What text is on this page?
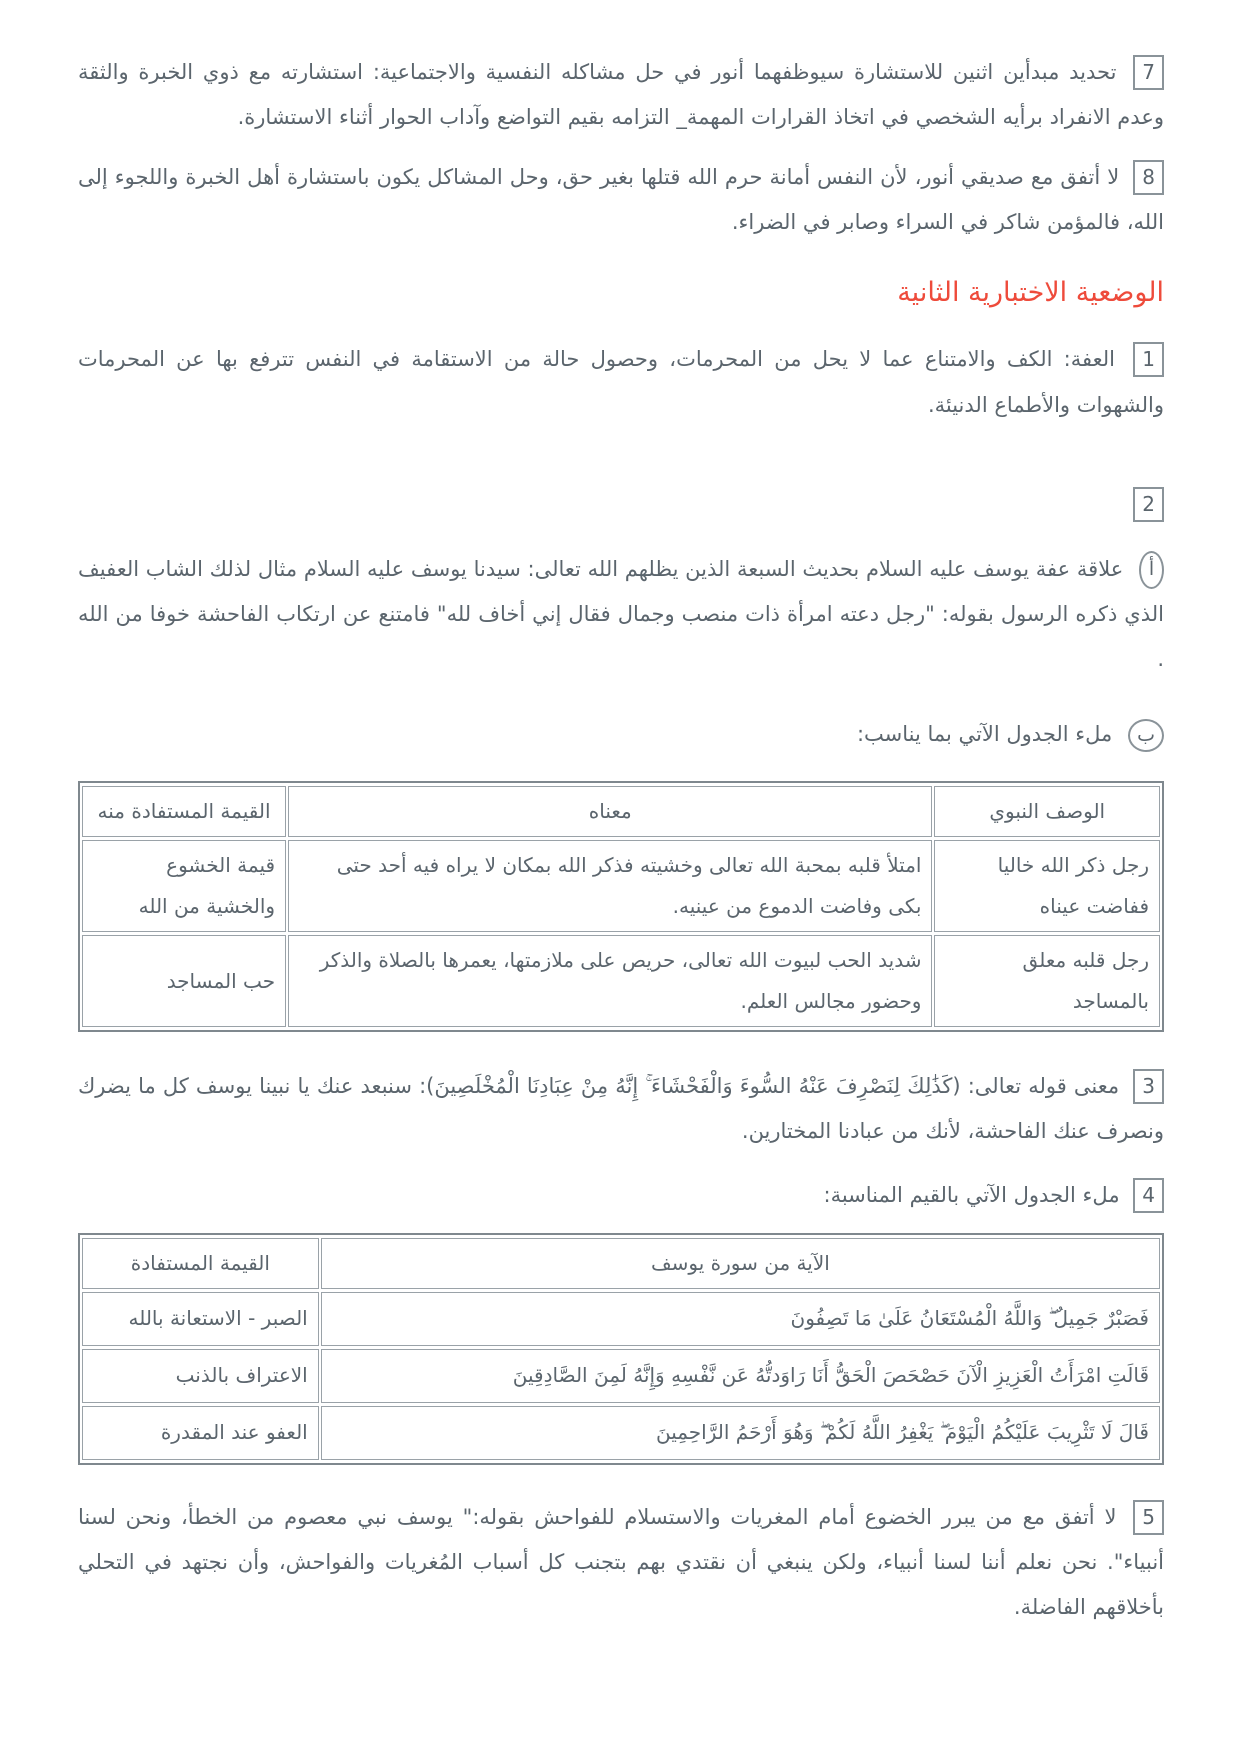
7 تحديد مبدأين اثنين للاستشارة سيوظفهما أنور في حل مشاكله النفسية والاجتماعية: استشارته مع ذوي الخبرة والثقة وعدم الانفراد برأيه الشخصي في اتخاذ القرارات المهمة_ التزامه بقيم التواضع وآداب الحوار أثناء الاستشارة.

8 لا أتفق مع صديقي أنور، لأن النفس أمانة حرم الله قتلها بغير حق، وحل المشاكل يكون باستشارة أهل الخبرة واللجوء إلى الله، فالمؤمن شاكر في السراء وصابر في الضراء.

الوضعية الاختبارية الثانية

1 العفة: الكف والامتناع عما لا يحل من المحرمات، وحصول حالة من الاستقامة في النفس تترفع بها عن المحرمات والشهوات والأطماع الدنيئة.

2

أ علاقة عفة يوسف عليه السلام بحديث السبعة الذين يظلهم الله تعالى: سيدنا يوسف عليه السلام مثال لذلك الشاب العفيف الذي ذكره الرسول بقوله: "رجل دعته امرأة ذات منصب وجمال فقال إني أخاف لله" فامتنع عن ارتكاب الفاحشة خوفا من الله .

ب ملء الجدول الآتي بما يناسب:

الوصف النبوي	معناه	القيمة المستفادة منه
رجل ذكر الله خاليا ففاضت عيناه	امتلأ قلبه بمحبة الله تعالى وخشيته فذكر الله بمكان لا يراه فيه أحد حتى بكى وفاضت الدموع من عينيه.	قيمة الخشوع والخشية من الله
رجل قلبه معلق بالمساجد	شديد الحب لبيوت الله تعالى، حريص على ملازمتها، يعمرها بالصلاة والذكر وحضور مجالس العلم.	حب المساجد

3 معنى قوله تعالى: (كَذَٰلِكَ لِنَصْرِفَ عَنْهُ السُّوءَ وَالْفَحْشَاءَ ۚ إِنَّهُ مِنْ عِبَادِنَا الْمُخْلَصِينَ): سنبعد عنك يا نبينا يوسف كل ما يضرك ونصرف عنك الفاحشة، لأنك من عبادنا المختارين.

4 ملء الجدول الآتي بالقيم المناسبة:

الآية من سورة يوسف	القيمة المستفادة
فَصَبْرٌ جَمِيلٌ ۖ وَاللَّهُ الْمُسْتَعَانُ عَلَىٰ مَا تَصِفُونَ	الصبر - الاستعانة بالله
قَالَتِ امْرَأَتُ الْعَزِيزِ الْآنَ حَصْحَصَ الْحَقُّ أَنَا رَاوَدتُّهُ عَن نَّفْسِهِ وَإِنَّهُ لَمِنَ الصَّادِقِينَ	الاعتراف بالذنب
قَالَ لَا تَثْرِيبَ عَلَيْكُمُ الْيَوْمَ ۖ يَغْفِرُ اللَّهُ لَكُمْ ۖ وَهُوَ أَرْحَمُ الرَّاحِمِينَ	العفو عند المقدرة

5 لا أتفق مع من يبرر الخضوع أمام المغريات والاستسلام للفواحش بقوله:" يوسف نبي معصوم من الخطأ، ونحن لسنا أنبياء". نحن نعلم أننا لسنا أنبياء، ولكن ينبغي أن نقتدي بهم بتجنب كل أسباب المُغريات والفواحش، وأن نجتهد في التحلي بأخلاقهم الفاضلة.
